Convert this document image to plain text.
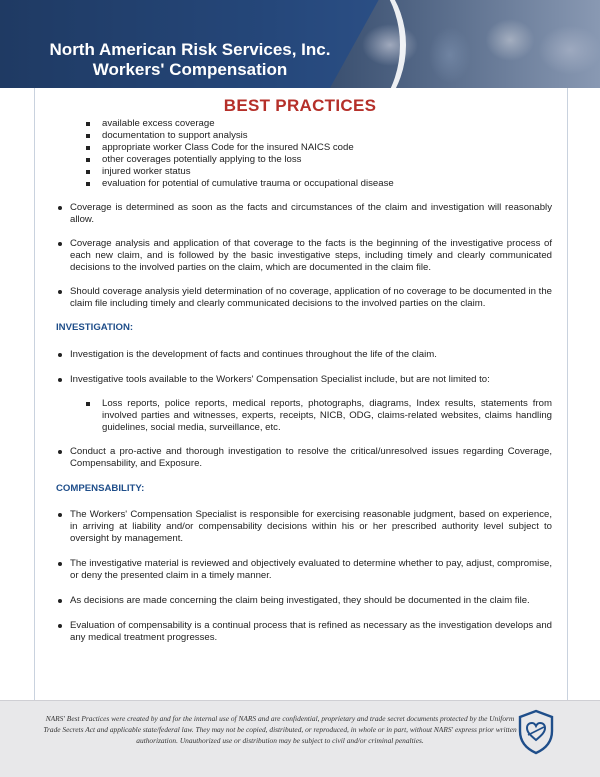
North American Risk Services, Inc.
Workers' Compensation
BEST PRACTICES
available excess coverage
documentation to support analysis
appropriate worker Class Code for the insured NAICS code
other coverages potentially applying to the loss
injured worker status
evaluation for potential of cumulative trauma or occupational disease
Coverage is determined as soon as the facts and circumstances of the claim and investigation will reasonably allow.
Coverage analysis and application of that coverage to the facts is the beginning of the investigative process of each new claim, and is followed by the basic investigative steps, including timely and clearly communicated decisions to the involved parties on the claim, which are documented in the claim file.
Should coverage analysis yield determination of no coverage, application of no coverage to be documented in the claim file including timely and clearly communicated decisions to the involved parties on the claim.
INVESTIGATION:
Investigation is the development of facts and continues throughout the life of the claim.
Investigative tools available to the Workers' Compensation Specialist include, but are not limited to:
Loss reports, police reports, medical reports, photographs, diagrams, Index results, statements from involved parties and witnesses, experts, receipts, NICB, ODG, claims-related websites, claims handling guidelines, social media, surveillance, etc.
Conduct a pro-active and thorough investigation to resolve the critical/unresolved issues regarding Coverage, Compensability, and Exposure.
COMPENSABILITY:
The Workers' Compensation Specialist is responsible for exercising reasonable judgment, based on experience, in arriving at liability and/or compensability decisions within his or her prescribed authority level subject to oversight by management.
The investigative material is reviewed and objectively evaluated to determine whether to pay, adjust, compromise, or deny the presented claim in a timely manner.
As decisions are made concerning the claim being investigated, they should be documented in the claim file.
Evaluation of compensability is a continual process that is refined as necessary as the investigation develops and any medical treatment progresses.
NARS' Best Practices were created by and for the internal use of NARS and are confidential, proprietary and trade secret documents protected by the Uniform Trade Secrets Act and applicable state/federal law. They may not be copied, distributed, or reproduced, in whole or in part, without NARS' express prior written authorization. Unauthorized use or distribution may be subject to civil and/or criminal penalties.
